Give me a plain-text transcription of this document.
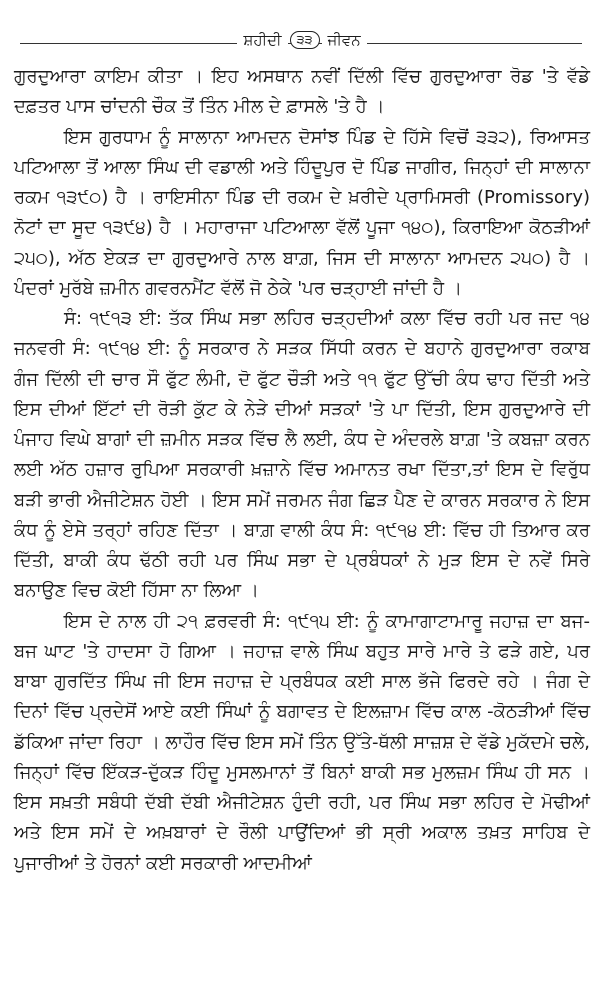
ਸ਼ਹੀਦੀ ੩੩ ਜੀਵਨ

ਗੁਰਦੁਆਰਾ ਕਾਇਮ ਕੀਤਾ । ਇਹ ਅਸਥਾਨ ਨਵੀਂ ਦਿੱਲੀ ਵਿੱਚ ਗੁਰਦੁਆਰਾ ਰੋਡ 'ਤੇ ਵੱਡੇ ਦਫ਼ਤਰ ਪਾਸ ਚਾਂਦਨੀ ਚੌਕ ਤੋਂ ਤਿੰਨ ਮੀਲ ਦੇ ਫ਼ਾਸਲੇ 'ਤੇ ਹੈ ।

ਇਸ ਗੁਰਧਾਮ ਨੂੰ ਸਾਲਾਨਾ ਆਮਦਨ ਦੋਸਾਂਝ ਪਿੰਡ ਦੇ ਹਿੱਸੇ ਵਿਚੋਂ ੩੩੨), ਰਿਆਸਤ ਪਟਿਆਲਾ ਤੋਂ ਆਲਾ ਸਿੰਘ ਦੀ ਵਡਾਲੀ ਅਤੇ ਹਿੰਦੂਪੁਰ ਦੋ ਪਿੰਡ ਜਾਗੀਰ, ਜਿਨ੍ਹਾਂ ਦੀ ਸਾਲਾਨਾ ਰਕਮ ੧੩੯੦) ਹੈ । ਰਾਇਸੀਨਾ ਪਿੰਡ ਦੀ ਰਕਮ ਦੇ ਖ਼ਰੀਦੇ ਪ੍ਰਾਮਿਸਰੀ (Promissory) ਨੋਟਾਂ ਦਾ ਸੂਦ ੧੩੯੪) ਹੈ । ਮਹਾਰਾਜਾ ਪਟਿਆਲਾ ਵੱਲੋਂ ਪੂਜਾ ੧੪੦), ਕਿਰਾਇਆ ਕੋਠੜੀਆਂ ੨੫੦), ਅੱਠ ਏਕੜ ਦਾ ਗੁਰਦੁਆਰੇ ਨਾਲ ਬਾਗ਼, ਜਿਸ ਦੀ ਸਾਲਾਨਾ ਆਮਦਨ ੨੫੦) ਹੈ । ਪੰਦਰਾਂ ਮੁਰੱਬੇ ਜ਼ਮੀਨ ਗਵਰਨਮੈਂਟ ਵੱਲੋਂ ਜੋ ਠੇਕੇ 'ਪਰ ਚੜ੍ਹਾਈ ਜਾਂਦੀ ਹੈ ।

ਸੰ: ੧੯੧੩ ਈ: ਤੱਕ ਸਿੰਘ ਸਭਾ ਲਹਿਰ ਚੜ੍ਹਦੀਆਂ ਕਲਾ ਵਿੱਚ ਰਹੀ ਪਰ ਜਦ ੧੪ ਜਨਵਰੀ ਸੰ: ੧੯੧੪ ਈ: ਨੂੰ ਸਰਕਾਰ ਨੇ ਸੜਕ ਸਿੱਧੀ ਕਰਨ ਦੇ ਬਹਾਨੇ ਗੁਰਦੁਆਰਾ ਰਕਾਬ ਗੰਜ ਦਿੱਲੀ ਦੀ ਚਾਰ ਸੌ ਫੁੱਟ ਲੰਮੀ, ਦੋ ਫੁੱਟ ਚੌੜੀ ਅਤੇ ੧੧ ਫੁੱਟ ਉੱਚੀ ਕੰਧ ਢਾਹ ਦਿੱਤੀ ਅਤੇ ਇਸ ਦੀਆਂ ਇੱਟਾਂ ਦੀ ਰੋੜੀ ਕੁੱਟ ਕੇ ਨੇੜੇ ਦੀਆਂ ਸੜਕਾਂ 'ਤੇ ਪਾ ਦਿੱਤੀ, ਇਸ ਗੁਰਦੁਆਰੇ ਦੀ ਪੰਜਾਹ ਵਿਘੇ ਬਾਗਾਂ ਦੀ ਜ਼ਮੀਨ ਸੜਕ ਵਿੱਚ ਲੈ ਲਈ, ਕੰਧ ਦੇ ਅੰਦਰਲੇ ਬਾਗ਼ 'ਤੇ ਕਬਜ਼ਾ ਕਰਨ ਲਈ ਅੱਠ ਹਜ਼ਾਰ ਰੁਪਿਆ ਸਰਕਾਰੀ ਖ਼ਜ਼ਾਨੇ ਵਿੱਚ ਅਮਾਨਤ ਰਖਾ ਦਿੱਤਾ,ਤਾਂ ਇਸ ਦੇ ਵਿਰੁੱਧ ਬੜੀ ਭਾਰੀ ਐਜੀਟੇਸ਼ਨ ਹੋਈ । ਇਸ ਸਮੇਂ ਜਰਮਨ ਜੰਗ ਛਿੜ ਪੈਣ ਦੇ ਕਾਰਨ ਸਰਕਾਰ ਨੇ ਇਸ ਕੰਧ ਨੂੰ ਏਸੇ ਤਰ੍ਹਾਂ ਰਹਿਣ ਦਿੱਤਾ । ਬਾਗ਼ ਵਾਲੀ ਕੰਧ ਸੰ: ੧੯੧੪ ਈ: ਵਿੱਚ ਹੀ ਤਿਆਰ ਕਰ ਦਿੱਤੀ, ਬਾਕੀ ਕੰਧ ਢੱਠੀ ਰਹੀ ਪਰ ਸਿੰਘ ਸਭਾ ਦੇ ਪ੍ਰਬੰਧਕਾਂ ਨੇ ਮੁੜ ਇਸ ਦੇ ਨਵੇਂ ਸਿਰੇ ਬਨਾਉਣ ਵਿਚ ਕੋਈ ਹਿੱਸਾ ਨਾ ਲਿਆ ।

ਇਸ ਦੇ ਨਾਲ ਹੀ ੨੧ ਫ਼ਰਵਰੀ ਸੰ: ੧੯੧੫ ਈ: ਨੂੰ ਕਾਮਾਗਾਟਾਮਾਰੂ ਜਹਾਜ਼ ਦਾ ਬਜ-ਬਜ ਘਾਟ 'ਤੇ ਹਾਦਸਾ ਹੋ ਗਿਆ । ਜਹਾਜ਼ ਵਾਲੇ ਸਿੰਘ ਬਹੁਤ ਸਾਰੇ ਮਾਰੇ ਤੇ ਫੜੇ ਗਏ, ਪਰ ਬਾਬਾ ਗੁਰਦਿੱਤ ਸਿੰਘ ਜੀ ਇਸ ਜਹਾਜ਼ ਦੇ ਪ੍ਰਬੰਧਕ ਕਈ ਸਾਲ ਭੱਜੇ ਫਿਰਦੇ ਰਹੇ । ਜੰਗ ਦੇ ਦਿਨਾਂ ਵਿੱਚ ਪ੍ਰਦੇਸੋਂ ਆਏ ਕਈ ਸਿੰਘਾਂ ਨੂੰ ਬਗਾਵਤ ਦੇ ਇਲਜ਼ਾਮ ਵਿੱਚ ਕਾਲ -ਕੋਠੜੀਆਂ ਵਿੱਚ ਡੱਕਿਆ ਜਾਂਦਾ ਰਿਹਾ । ਲਾਹੌਰ ਵਿੱਚ ਇਸ ਸਮੇਂ ਤਿੰਨ ਉੱਤੇ-ਥੱਲੀ ਸਾਜ਼ਸ਼ ਦੇ ਵੱਡੇ ਮੁਕੱਦਮੇ ਚਲੇ, ਜਿਨ੍ਹਾਂ ਵਿੱਚ ਇੱਕੜ-ਦੁੱਕੜ ਹਿੰਦੂ ਮੁਸਲਮਾਨਾਂ ਤੋਂ ਬਿਨਾਂ ਬਾਕੀ ਸਭ ਮੁਲਜ਼ਮ ਸਿੰਘ ਹੀ ਸਨ । ਇਸ ਸਖ਼ਤੀ ਸਬੰਧੀ ਦੱਬੀ ਦੱਬੀ ਐਜੀਟੇਸ਼ਨ ਹੁੰਦੀ ਰਹੀ, ਪਰ ਸਿੰਘ ਸਭਾ ਲਹਿਰ ਦੇ ਮੋਢੀਆਂ ਅਤੇ ਇਸ ਸਮੇਂ ਦੇ ਅਖ਼ਬਾਰਾਂ ਦੇ ਰੌਲੀ ਪਾਉਂਦਿਆਂ ਭੀ ਸ੍ਰੀ ਅਕਾਲ ਤਖ਼ਤ ਸਾਹਿਬ ਦੇ ਪੁਜਾਰੀਆਂ ਤੇ ਹੋਰਨਾਂ ਕਈ ਸਰਕਾਰੀ ਆਦਮੀਆਂ
